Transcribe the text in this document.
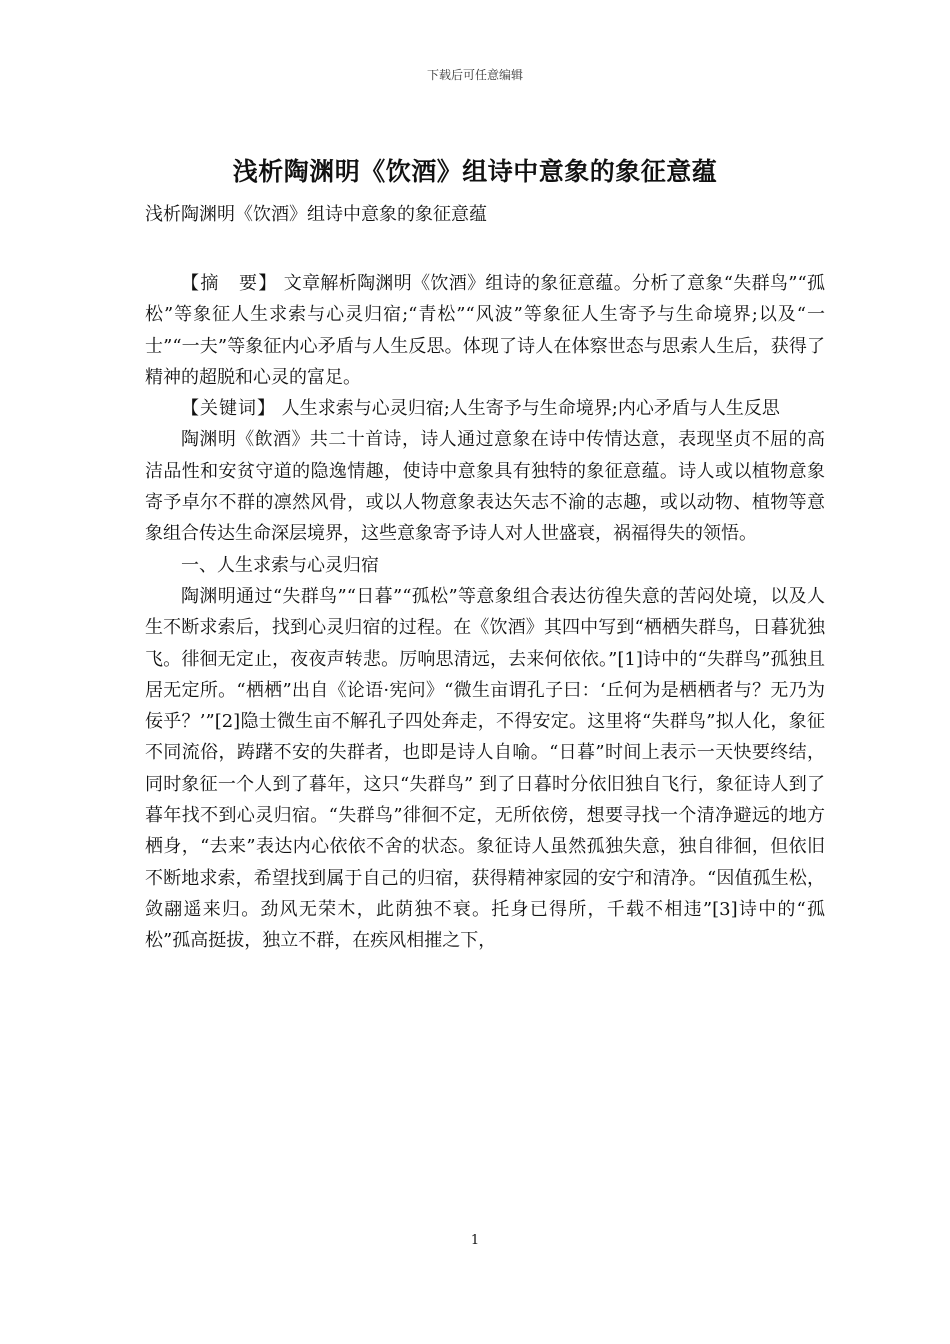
下载后可任意编辑
浅析陶渊明《饮酒》组诗中意象的象征意蕴
浅析陶渊明《饮酒》组诗中意象的象征意蕴

【摘　要】 文章解析陶渊明《饮酒》组诗的象征意蕴。分析了意象“失群鸟”“孤松”等象征人生求索与心灵归宿;“青松”“风波”等象征人生寄予与生命境界;以及“一士”“一夫”等象征内心矛盾与人生反思。体现了诗人在体察世态与思索人生后，获得了精神的超脱和心灵的富足。

【关键词】 人生求索与心灵归宿;人生寄予与生命境界;内心矛盾与人生反思

陶渊明《飲酒》共二十首诗，诗人通过意象在诗中传情达意，表现坚贞不屈的高洁品性和安贫守道的隐逸情趣，使诗中意象具有独特的象征意蕴。诗人或以植物意象寄予卓尔不群的凛然风骨，或以人物意象表达矢志不渝的志趣，或以动物、植物等意象组合传达生命深层境界，这些意象寄予诗人对人世盛衰，祸福得失的领悟。

一、人生求索与心灵归宿

陶渊明通过“失群鸟”“日暮”“孤松”等意象组合表达彷徨失意的苦闷处境，以及人生不断求索后，找到心灵归宿的过程。在《饮酒》其四中写到“栖栖失群鸟，日暮犹独飞。徘徊无定止，夜夜声转悲。厉响思清远，去来何依依。”[1]诗中的“失群鸟”孤独且居无定所。“栖栖”出自《论语·宪问》“微生亩谓孔子曰：‘丘何为是栖栖者与？无乃为佞乎？’”[2]隐士微生亩不解孔子四处奔走，不得安定。这里将“失群鸟”拟人化，象征不同流俗，踌躇不安的失群者，也即是诗人自喻。“日暮”时间上表示一天快要终结，同时象征一个人到了暮年，这只“失群鸟” 到了日暮时分依旧独自飞行，象征诗人到了暮年找不到心灵归宿。“失群鸟”徘徊不定，无所依傍，想要寻找一个清净避远的地方栖身，“去来”表达内心依依不舍的状态。象征诗人虽然孤独失意，独自徘徊，但依旧不断地求索，希望找到属于自己的归宿，获得精神家园的安宁和清净。“因值孤生松，敛翮遥来归。劲风无荣木，此荫独不衰。托身已得所，千载不相违”[3]诗中的“孤松”孤高挺拔，独立不群，在疾风相摧之下，

1
